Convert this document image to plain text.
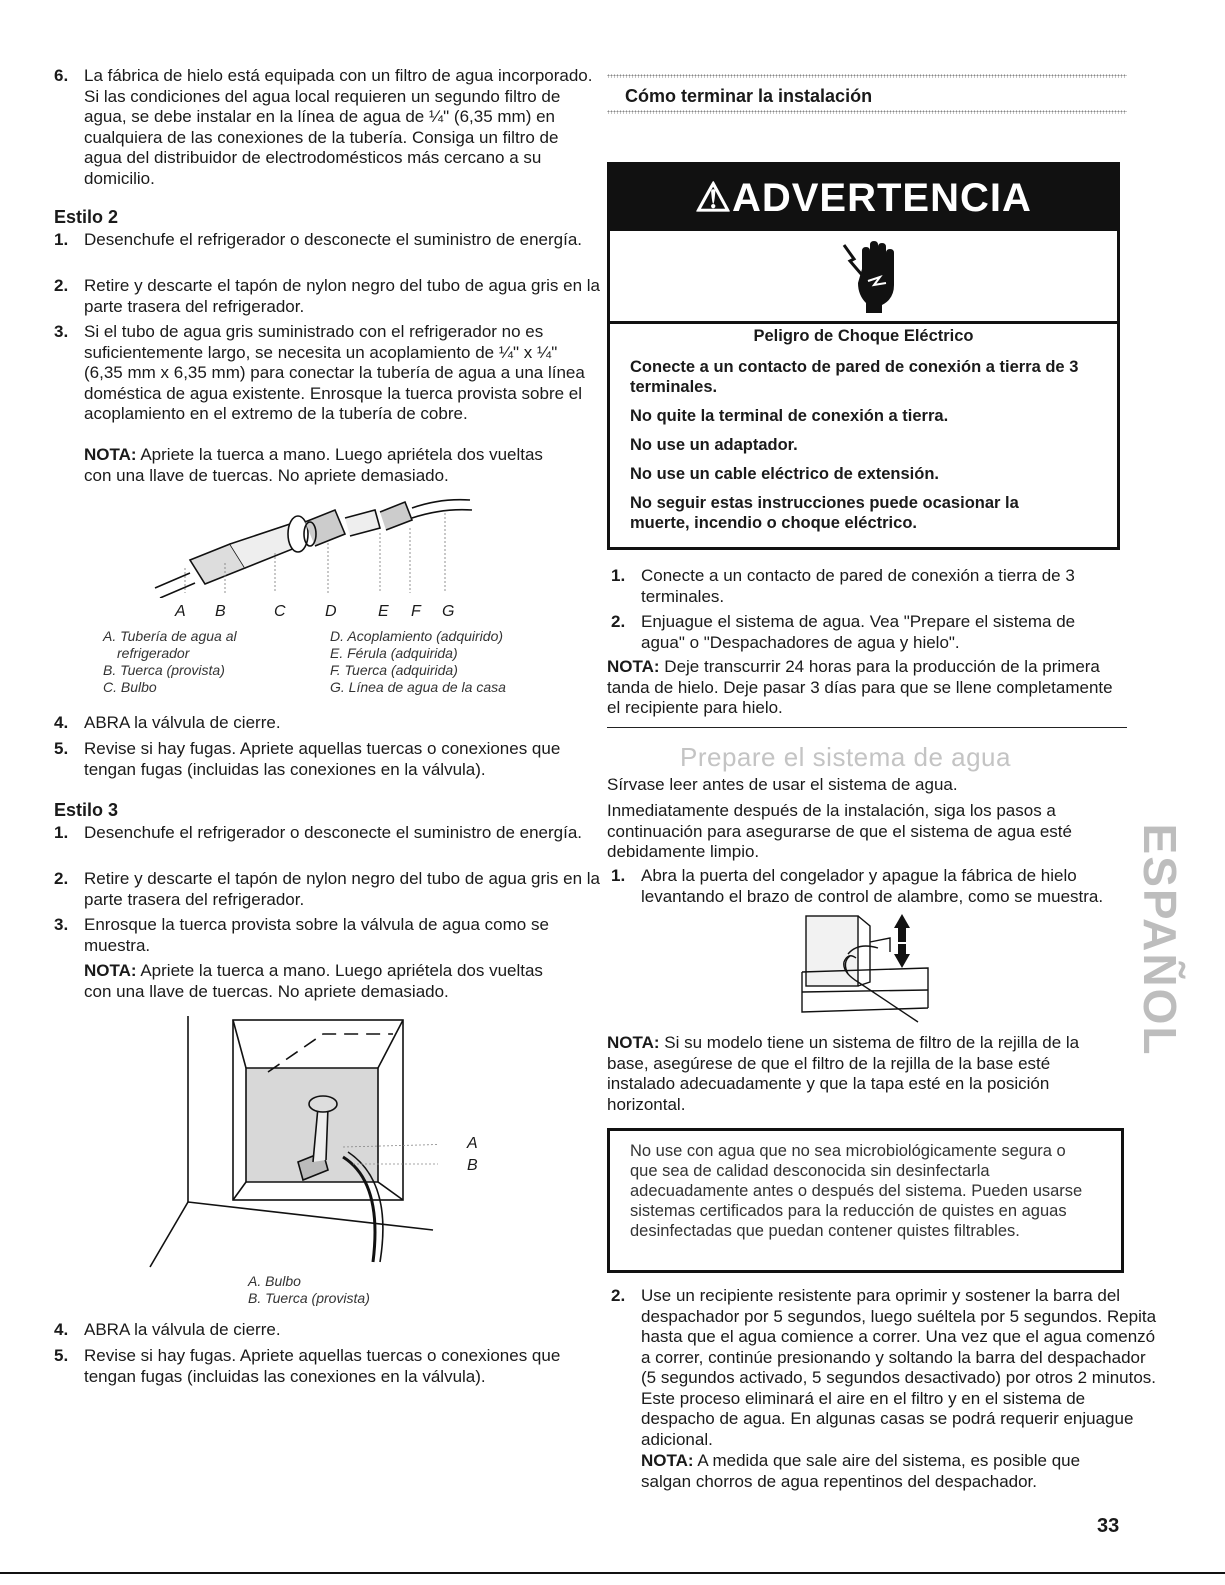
6. La fábrica de hielo está equipada con un filtro de agua incorporado. Si las condiciones del agua local requieren un segundo filtro de agua, se debe instalar en la línea de agua de ¼" (6,35 mm) en cualquiera de las conexiones de la tubería. Consiga un filtro de agua del distribuidor de electrodomésticos más cercano a su domicilio.

Estilo 2
1. Desenchufe el refrigerador o desconecte el suministro de energía.

2. Retire y descarte el tapón de nylon negro del tubo de agua gris en la parte trasera del refrigerador.

3. Si el tubo de agua gris suministrado con el refrigerador no es suficientemente largo, se necesita un acoplamiento de ¼" x ¼" (6,35 mm x 6,35 mm) para conectar la tubería de agua a una línea doméstica de agua existente. Enrosque la tuerca provista sobre el acoplamiento en el extremo de la tubería de cobre.

NOTA: Apriete la tuerca a mano. Luego apriétela dos vueltas con una llave de tuercas. No apriete demasiado.
A B	C D	E F G
A. Tubería de agua al
refrigerador
B. Tuerca (provista)
C. Bulbo
D. Acoplamiento (adquirido)
E. Férula (adquirida)
F. Tuerca (adquirida)
G. Línea de agua de la casa
4. ABRA la válvula de cierre.

5. Revise si hay fugas. Apriete aquellas tuercas o conexiones que tengan fugas (incluidas las conexiones en la válvula).

Estilo 3
1. Desenchufe el refrigerador o desconecte el suministro de energía.

2. Retire y descarte el tapón de nylon negro del tubo de agua gris en la parte trasera del refrigerador.

3. Enrosque la tuerca provista sobre la válvula de agua como se muestra.

NOTA: Apriete la tuerca a mano. Luego apriétela dos vueltas con una llave de tuercas. No apriete demasiado.
A
B
A. Bulbo
B. Tuerca (provista)
4. ABRA la válvula de cierre.

5. Revise si hay fugas. Apriete aquellas tuercas o conexiones que tengan fugas (incluidas las conexiones en la válvula).

Cómo terminar la instalación
⚠ADVERTENCIA
Peligro de Choque Eléctrico

Conecte a un contacto de pared de conexión a tierra de 3 terminales.

No quite la terminal de conexión a tierra.

No use un adaptador.

No use un cable eléctrico de extensión.

No seguir estas instrucciones puede ocasionar la muerte, incendio o choque eléctrico.

1. Conecte a un contacto de pared de conexión a tierra de 3 terminales.

2. Enjuague el sistema de agua. Vea "Prepare el sistema de agua" o "Despachadores de agua y hielo".

NOTA: Deje transcurrir 24 horas para la producción de la primera tanda de hielo. Deje pasar 3 días para que se llene completamente el recipiente para hielo.
Prepare el sistema de agua
Sírvase leer antes de usar el sistema de agua.
Inmediatamente después de la instalación, siga los pasos a continuación para asegurarse de que el sistema de agua esté debidamente limpio.
1. Abra la puerta del congelador y apague la fábrica de hielo levantando el brazo de control de alambre, como se muestra.

NOTA: Si su modelo tiene un sistema de filtro de la rejilla de la base, asegúrese de que el filtro de la rejilla de la base esté instalado adecuadamente y que la tapa esté en la posición horizontal.
No use con agua que no sea microbiológicamente segura o que sea de calidad desconocida sin desinfectarla adecuadamente antes o después del sistema. Pueden usarse sistemas certificados para la reducción de quistes en aguas desinfectadas que puedan contener quistes filtrables.
2. Use un recipiente resistente para oprimir y sostener la barra del despachador por 5 segundos, luego suéltela por 5 segundos. Repita hasta que el agua comience a correr. Una vez que el agua comenzó a correr, continúe presionando y soltando la barra del despachador (5 segundos activado, 5 segundos desactivado) por otros 2 minutos. Este proceso eliminará el aire en el filtro y en el sistema de despacho de agua. En algunas casas se podrá requerir enjuague adicional.

NOTA: A medida que sale aire del sistema, es posible que salgan chorros de agua repentinos del despachador.
ESPAÑOL
33
